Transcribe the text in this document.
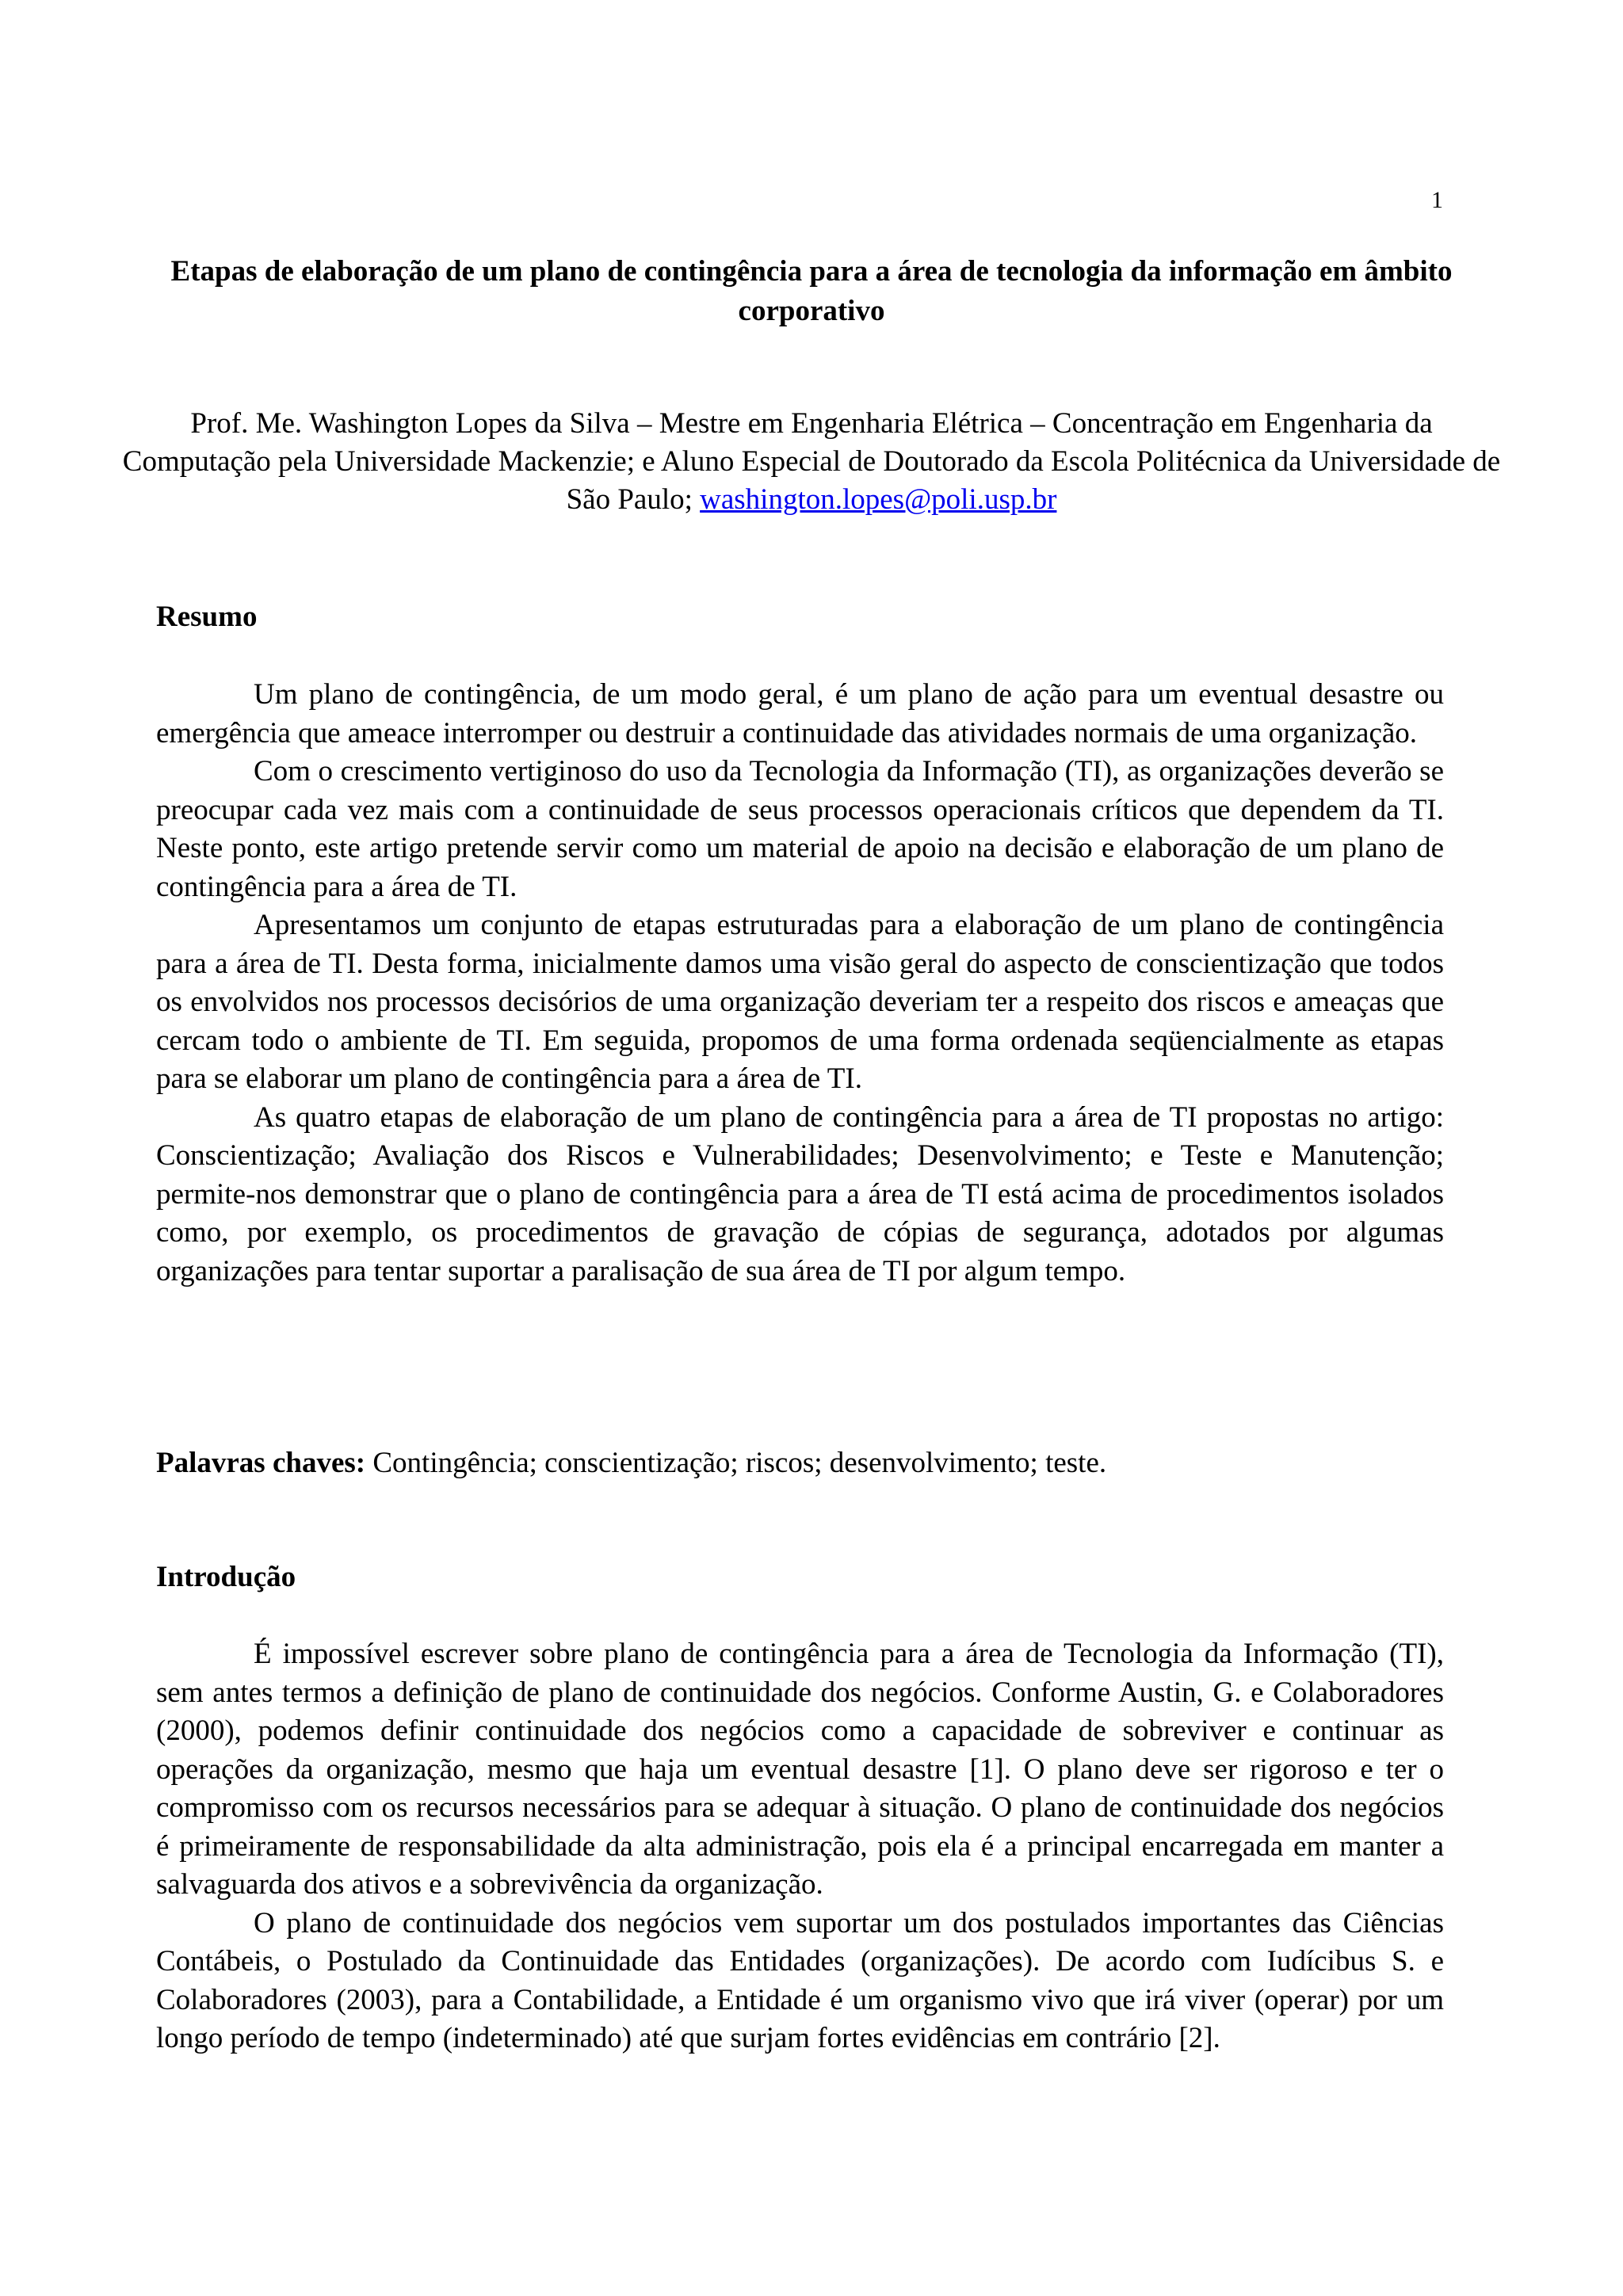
1
Etapas de elaboração de um plano de contingência para a área de tecnologia da informação em âmbito corporativo
Prof. Me. Washington Lopes da Silva – Mestre em Engenharia Elétrica – Concentração em Engenharia da Computação pela Universidade Mackenzie; e Aluno Especial de Doutorado da Escola Politécnica da Universidade de São Paulo; washington.lopes@poli.usp.br
Resumo

Um plano de contingência, de um modo geral, é um plano de ação para um eventual desastre ou emergência que ameace interromper ou destruir a continuidade das atividades normais de uma organização.

Com o crescimento vertiginoso do uso da Tecnologia da Informação (TI), as organizações deverão se preocupar cada vez mais com a continuidade de seus processos operacionais críticos que dependem da TI. Neste ponto, este artigo pretende servir como um material de apoio na decisão e elaboração de um plano de contingência para a área de TI.

Apresentamos um conjunto de etapas estruturadas para a elaboração de um plano de contingência para a área de TI. Desta forma, inicialmente damos uma visão geral do aspecto de conscientização que todos os envolvidos nos processos decisórios de uma organização deveriam ter a respeito dos riscos e ameaças que cercam todo o ambiente de TI. Em seguida, propomos de uma forma ordenada seqüencialmente as etapas para se elaborar um plano de contingência para a área de TI.

As quatro etapas de elaboração de um plano de contingência para a área de TI propostas no artigo: Conscientização; Avaliação dos Riscos e Vulnerabilidades; Desenvolvimento; e Teste e Manutenção; permite-nos demonstrar que o plano de contingência para a área de TI está acima de procedimentos isolados como, por exemplo, os procedimentos de gravação de cópias de segurança, adotados por algumas organizações para tentar suportar a paralisação de sua área de TI por algum tempo.

Palavras chaves: Contingência; conscientização; riscos; desenvolvimento; teste.
Introdução

É impossível escrever sobre plano de contingência para a área de Tecnologia da Informação (TI), sem antes termos a definição de plano de continuidade dos negócios. Conforme Austin, G. e Colaboradores (2000), podemos definir continuidade dos negócios como a capacidade de sobreviver e continuar as operações da organização, mesmo que haja um eventual desastre [1]. O plano deve ser rigoroso e ter o compromisso com os recursos necessários para se adequar à situação. O plano de continuidade dos negócios é primeiramente de responsabilidade da alta administração, pois ela é a principal encarregada em manter a salvaguarda dos ativos e a sobrevivência da organização.

O plano de continuidade dos negócios vem suportar um dos postulados importantes das Ciências Contábeis, o Postulado da Continuidade das Entidades (organizações). De acordo com Iudícibus S. e Colaboradores (2003), para a Contabilidade, a Entidade é um organismo vivo que irá viver (operar) por um longo período de tempo (indeterminado) até que surjam fortes evidências em contrário [2].
